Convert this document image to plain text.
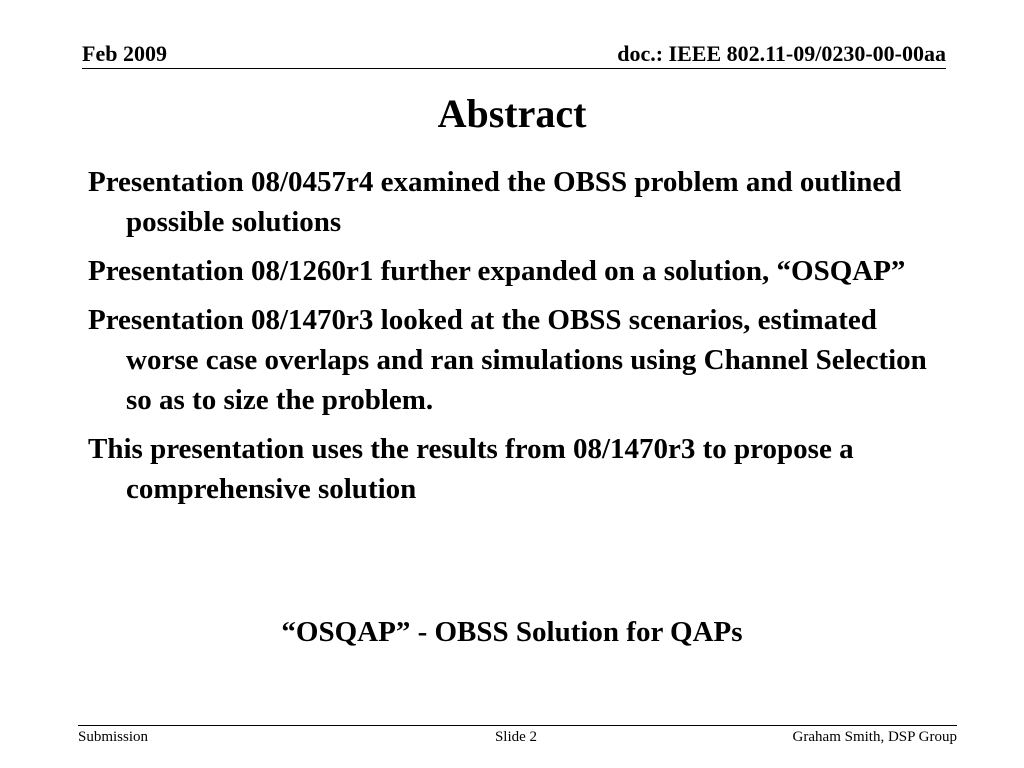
Feb 2009	doc.: IEEE 802.11-09/0230-00-00aa
Abstract

Presentation 08/0457r4 examined the OBSS problem and outlined possible solutions

Presentation 08/1260r1 further expanded on a solution, “OSQAP”

Presentation 08/1470r3 looked at the OBSS scenarios, estimated worse case overlaps and ran simulations using Channel Selection so as to size the problem.

This presentation uses the results from 08/1470r3 to propose a comprehensive solution

“OSQAP” - OBSS Solution for QAPs
Submission	Slide 2	Graham Smith, DSP Group
